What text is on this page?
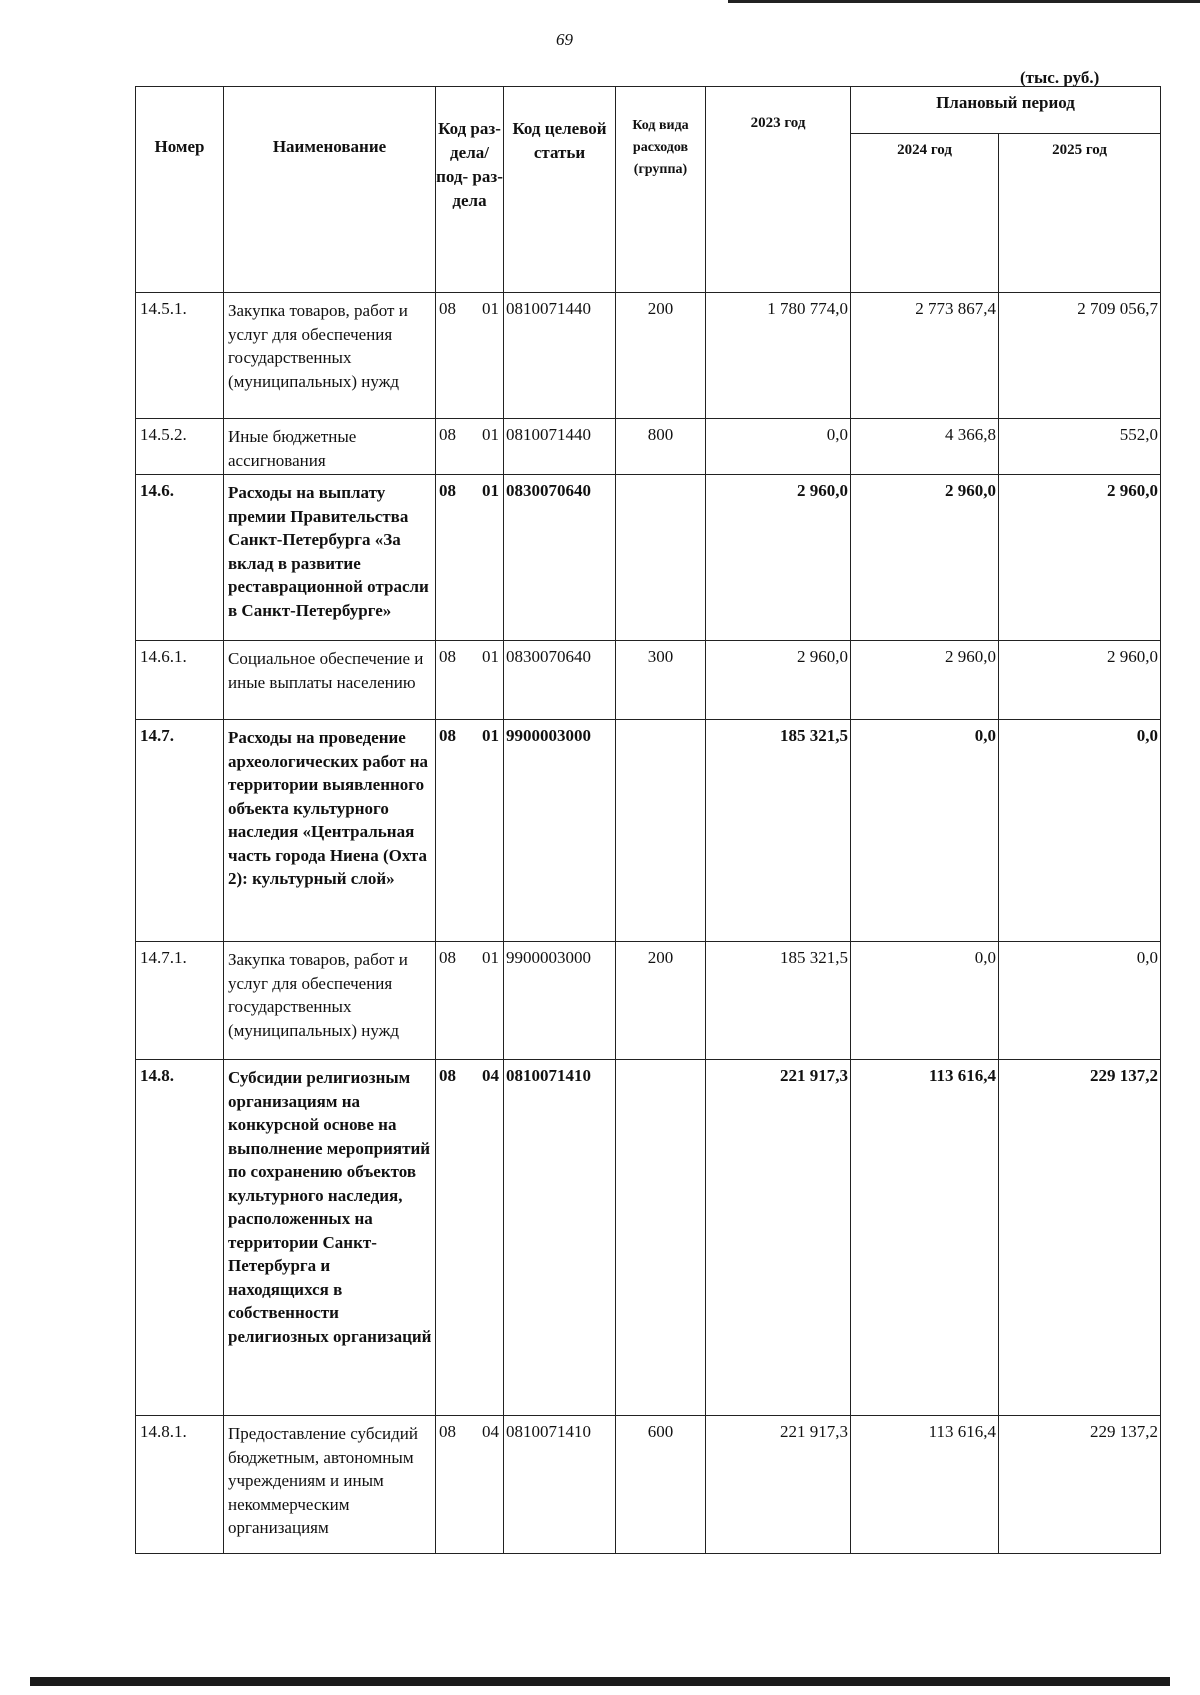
69
(тыс. руб.)
Номер	Наименование	Код раз- дела/ под- раз- дела	Код целевой статьи	Код вида расходов (группа)	2023 год	Плановый период	
						2024 год	2025 год
14.5.1.	Закупка товаров, работ и услуг для обеспечения государственных (муниципальных) нужд	08 01	0810071440	200	1 780 774,0	2 773 867,4	2 709 056,7
14.5.2.	Иные бюджетные ассигнования	08 01	0810071440	800	0,0	4 366,8	552,0
14.6.	Расходы на выплату премии Правительства Санкт-Петербурга «За вклад в развитие реставрационной отрасли в Санкт-Петербурге»	08 01	0830070640		2 960,0	2 960,0	2 960,0
14.6.1.	Социальное обеспечение и иные выплаты населению	08 01	0830070640	300	2 960,0	2 960,0	2 960,0
14.7.	Расходы на проведение археологических работ на территории выявленного объекта культурного наследия «Центральная часть города Ниена (Охта 2): культурный слой»	08 01	9900003000		185 321,5	0,0	0,0
14.7.1.	Закупка товаров, работ и услуг для обеспечения государственных (муниципальных) нужд	08 01	9900003000	200	185 321,5	0,0	0,0
14.8.	Субсидии религиозным организациям на конкурсной основе на выполнение мероприятий по сохранению объектов культурного наследия, расположенных на территории Санкт-Петербурга и находящихся в собственности религиозных организаций	08 04	0810071410		221 917,3	113 616,4	229 137,2
14.8.1.	Предоставление субсидий бюджетным, автономным учреждениям и иным некоммерческим организациям	08 04	0810071410	600	221 917,3	113 616,4	229 137,2
